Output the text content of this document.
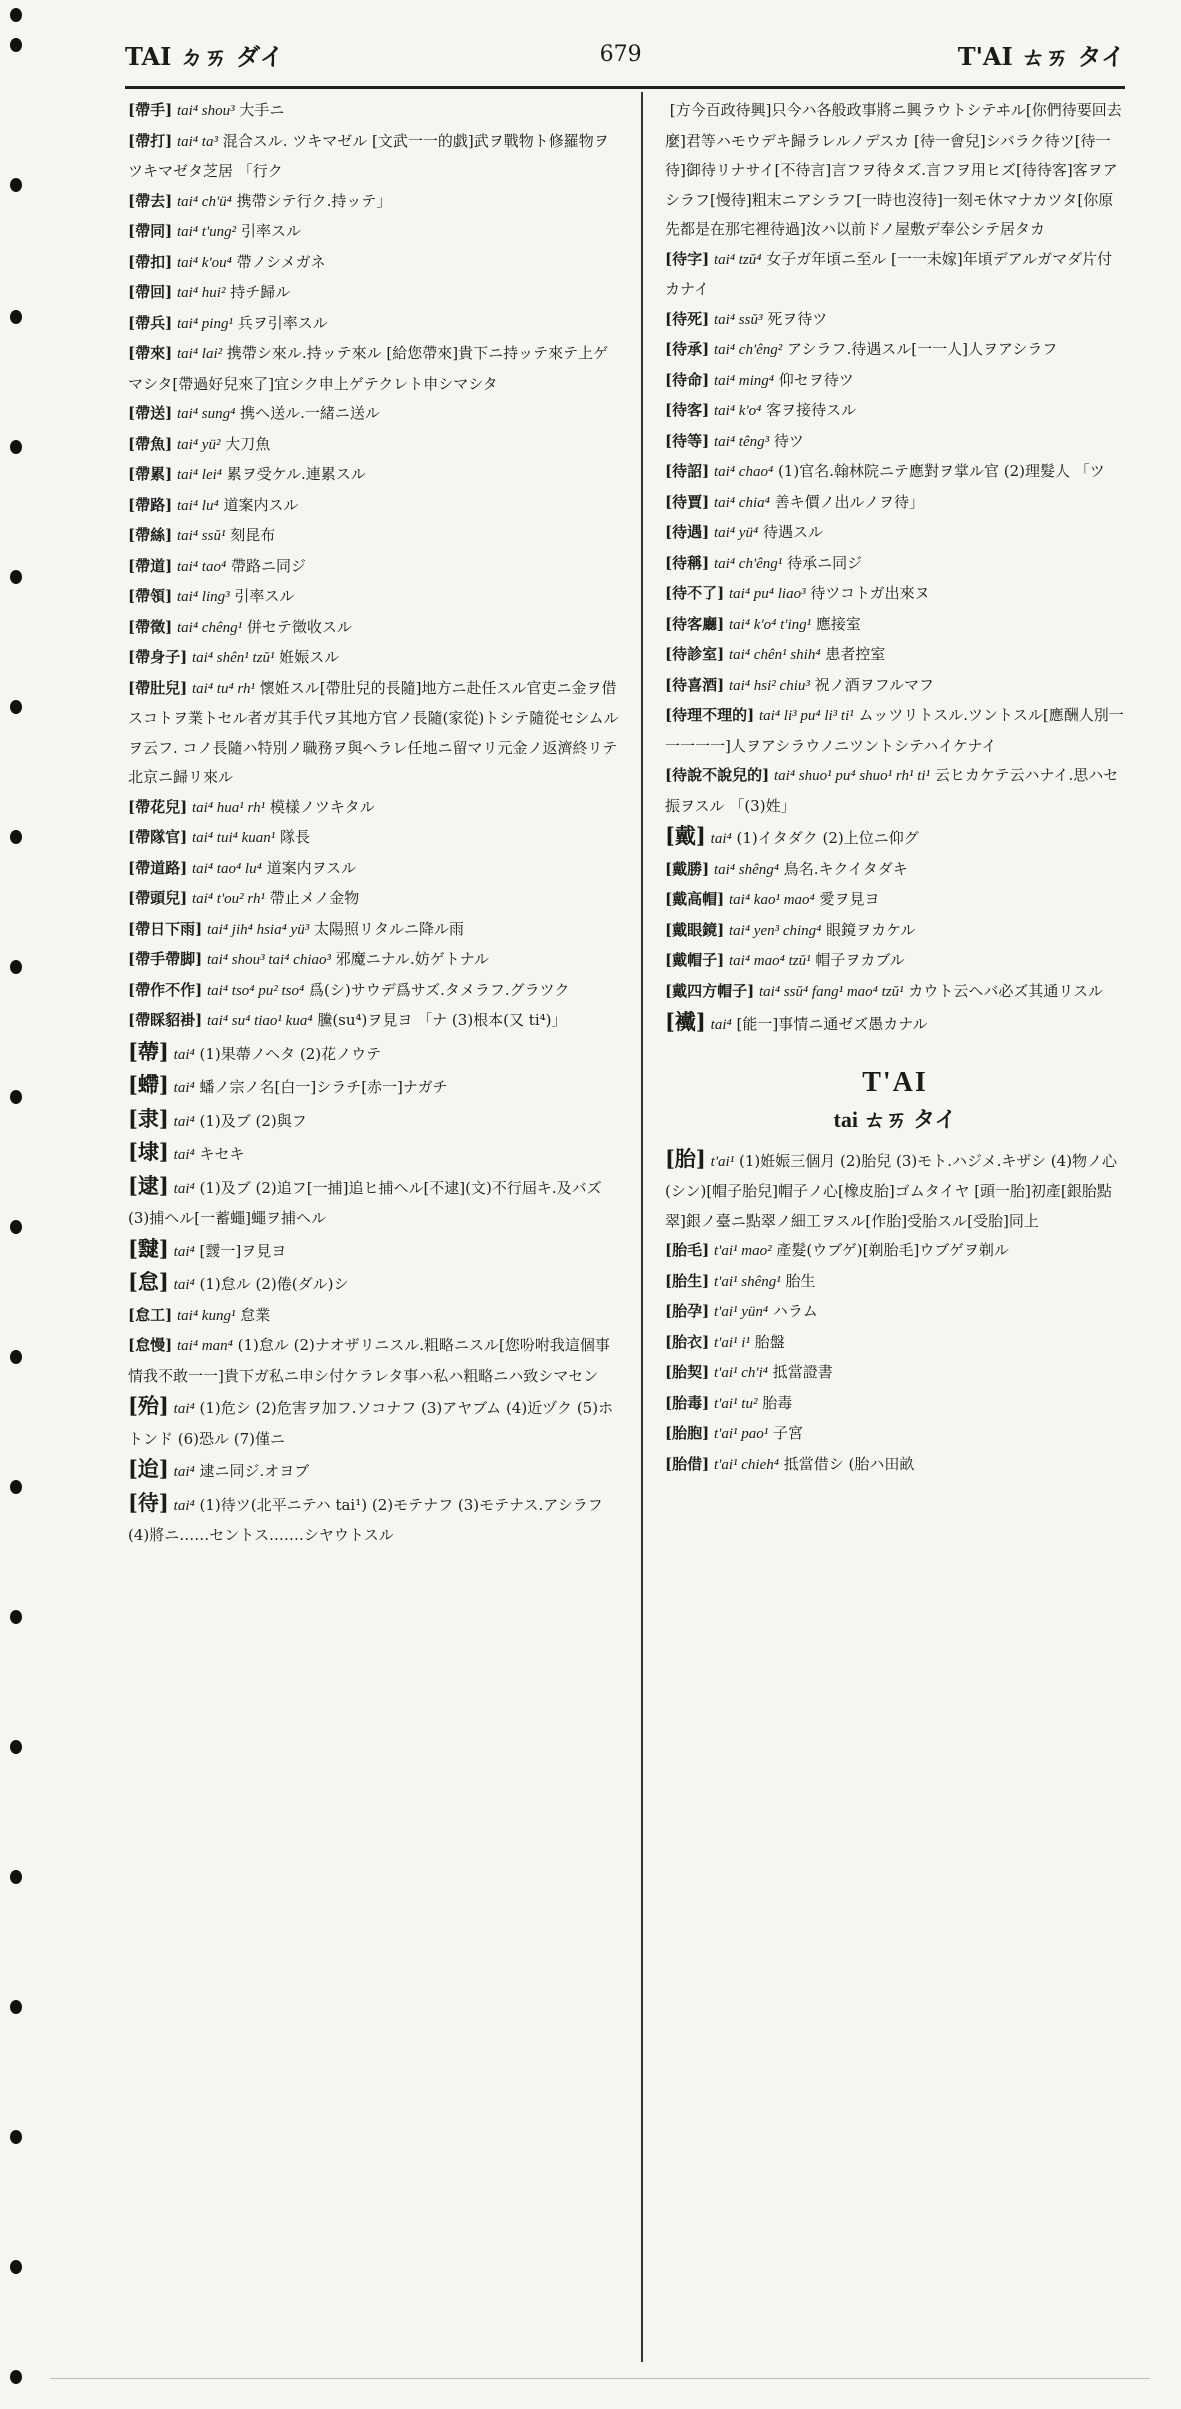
TAI ㄉㄞ ダイ	679	T'AI ㄊㄞ タイ
[帶手] tai⁴ shou³ 大手ニ
[帶打] tai⁴ ta³ 混合スル. ツキマゼル [文武一一的戯]武ヲ戰物ト修羅物ヲツキマゼタ芝居 「行ク
[帶去] tai⁴ ch'ü⁴ 携帶シテ行ク.持ッテ」
[帶同] tai⁴ t'ung² 引率スル
[帶扣] tai⁴ k'ou⁴ 帶ノシメガネ
[帶回] tai⁴ hui² 持チ歸ル
[帶兵] tai⁴ ping¹ 兵ヲ引率スル
[帶來] tai⁴ lai² 携帶シ來ル.持ッテ來ル [給您帶來]貴下ニ持ッテ來テ上ゲマシタ[帶過好兒來了]宜シク申上ゲテクレト申シマシタ
[帶送] tai⁴ sung⁴ 携ヘ送ル.一緒ニ送ル
[帶魚] tai⁴ yü² 大刀魚
[帶累] tai⁴ lei⁴ 累ヲ受ケル.連累スル
[帶路] tai⁴ lu⁴ 道案内スル
[帶絲] tai⁴ ssŭ¹ 刻昆布
[帶道] tai⁴ tao⁴ 帶路ニ同ジ
[帶領] tai⁴ ling³ 引率スル
[帶徵] tai⁴ chêng¹ 併セテ徵收スル
[帶身子] tai⁴ shên¹ tzŭ¹ 姙娠スル
[帶肚兒] tai⁴ tu⁴ rh¹ 懷姙スル[帶肚兒的長隨]地方ニ赴任スル官吏ニ金ヲ借スコトヲ業トセル者ガ其手代ヲ其地方官ノ長隨(家從)トシテ隨從セシムルヲ云フ. コノ長隨ハ特別ノ職務ヲ與ヘラレ任地ニ留マリ元金ノ返濟終リテ北京ニ歸リ來ル
[帶花兒] tai⁴ hua¹ rh¹ 模樣ノツキタル
[帶隊官] tai⁴ tui⁴ kuan¹ 隊長
[帶道路] tai⁴ tao⁴ lu⁴ 道案内ヲスル
[帶頭兒] tai⁴ t'ou² rh¹ 帶止メノ金物
[帶日下雨] tai⁴ jih⁴ hsia⁴ yü³ 太陽照リタルニ降ル雨
[帶手帶脚] tai⁴ shou³ tai⁴ chiao³ 邪魔ニナル.妨ゲトナル
[帶作不作] tai⁴ tso⁴ pu² tso⁴ 爲(シ)サウデ爲サズ.タメラフ.グラツク
[帶睬貂褂] tai⁴ su⁴ tiao¹ kua⁴ 黱(su⁴)ヲ見ヨ 「ナ (3)根本(又 ti⁴)」
[蔕] tai⁴ (1)果蔕ノヘタ (2)花ノウテ
[螮] tai⁴ 蟠ノ宗ノ名[白一]シラチ[赤一]ナガチ
[隶] tai⁴ (1)及ブ (2)與フ
[埭] tai⁴ キセキ
[逮] tai⁴ (1)及ブ (2)追フ[一捕]追ヒ捕ヘル[不逮](文)不行屆キ.及バズ (3)捕ヘル[一蓄蠅]蠅ヲ捕ヘル
[靆] tai⁴ [靉一]ヲ見ヨ
[怠] tai⁴ (1)怠ル (2)倦(ダル)シ
[怠工] tai⁴ kung¹ 怠業
[怠慢] tai⁴ man⁴ (1)怠ル (2)ナオザリニスル.粗略ニスル[您吩咐我這個事情我不敢一一]貴下ガ私ニ申シ付ケラレタ事ハ私ハ粗略ニハ致シマセン
[殆] tai⁴ (1)危シ (2)危害ヲ加フ.ソコナフ (3)アヤブム (4)近ヅク (5)ホトンド (6)恐ル (7)僅ニ
[迨] tai⁴ 逮ニ同ジ.オヨブ
[待] tai⁴ (1)待ツ(北平ニテハ tai¹) (2)モテナフ (3)モテナス.アシラフ (4)將ニ……セントス.……シヤウトスル
[方今百政待興]只今ハ各般政事將ニ興ラウトシテヰル[你們待要回去麼]君等ハモウデキ歸ラレルノデスカ [待一會兒]シバラク待ツ[待一待]御待リナサイ[不待言]言フヲ待タズ.言フヲ用ヒズ[待待客]客ヲアシラフ[慢待]粗末ニアシラフ[一時也沒待]一刻モ休マナカツタ[你原先都是在那宅裡待過]汝ハ以前ドノ屋敷デ奉公シテ居タカ
[待字] tai⁴ tzŭ⁴ 女子ガ年頃ニ至ル [一一未嫁]年頃デアルガマダ片付カナイ
[待死] tai⁴ ssŭ³ 死ヲ待ツ
[待承] tai⁴ ch'êng² アシラフ.待遇スル[一一人]人ヲアシラフ
[待命] tai⁴ ming⁴ 仰セヲ待ツ
[待客] tai⁴ k'o⁴ 客ヲ接待スル
[待等] tai⁴ têng³ 待ツ
[待詔] tai⁴ chao⁴ (1)官名.翰林院ニテ應對ヲ掌ル官 (2)理髮人 「ツ
[待賈] tai⁴ chia⁴ 善キ價ノ出ルノヲ待」
[待遇] tai⁴ yü⁴ 待遇スル
[待稱] tai⁴ ch'êng¹ 待承ニ同ジ
[待不了] tai⁴ pu⁴ liao³ 待ツコトガ出來ヌ
[待客廳] tai⁴ k'o⁴ t'ing¹ 應接室
[待診室] tai⁴ chên¹ shih⁴ 患者控室
[待喜酒] tai⁴ hsi² chiu³ 祝ノ酒ヲフルマフ
[待理不理的] tai⁴ li³ pu⁴ li³ ti¹ ムッツリトスル.ツントスル[應酬人別一一一一一]人ヲアシラウノニツントシテハイケナイ
[待說不說兒的] tai⁴ shuo¹ pu⁴ shuo¹ rh¹ ti¹ 云ヒカケテ云ハナイ.思ハセ振ヲスル 「(3)姓」
[戴] tai⁴ (1)イタダク (2)上位ニ仰グ
[戴勝] tai⁴ shêng⁴ 鳥名.キクイタダキ
[戴高帽] tai⁴ kao¹ mao⁴ 愛ヲ見ヨ
[戴眼鏡] tai⁴ yen³ ching⁴ 眼鏡ヲカケル
[戴帽子] tai⁴ mao⁴ tzŭ¹ 帽子ヲカブル
[戴四方帽子] tai⁴ ssŭ⁴ fang¹ mao⁴ tzŭ¹ カウト云ヘバ必ズ其通リスル
[襶] tai⁴ [能一]事情ニ通ゼズ愚カナル
T'AI
tai ㄊㄞ タイ
[胎] t'ai¹ (1)姙娠三個月 (2)胎兒 (3)モト.ハジメ.キザシ (4)物ノ心(シン)[帽子胎兒]帽子ノ心[橡皮胎]ゴムタイヤ [頭一胎]初產[銀胎點翠]銀ノ臺ニ點翠ノ細工ヲスル[作胎]受胎スル[受胎]同上
[胎毛] t'ai¹ mao² 產髮(ウブゲ)[剃胎毛]ウブゲヲ剃ル
[胎生] t'ai¹ shêng¹ 胎生
[胎孕] t'ai¹ yün⁴ ハラム
[胎衣] t'ai¹ i¹ 胎盤
[胎契] t'ai¹ ch'i⁴ 抵當證書
[胎毒] t'ai¹ tu² 胎毒
[胎胞] t'ai¹ pao¹ 子宮
[胎借] t'ai¹ chieh⁴ 抵當借シ (胎ハ田畝
